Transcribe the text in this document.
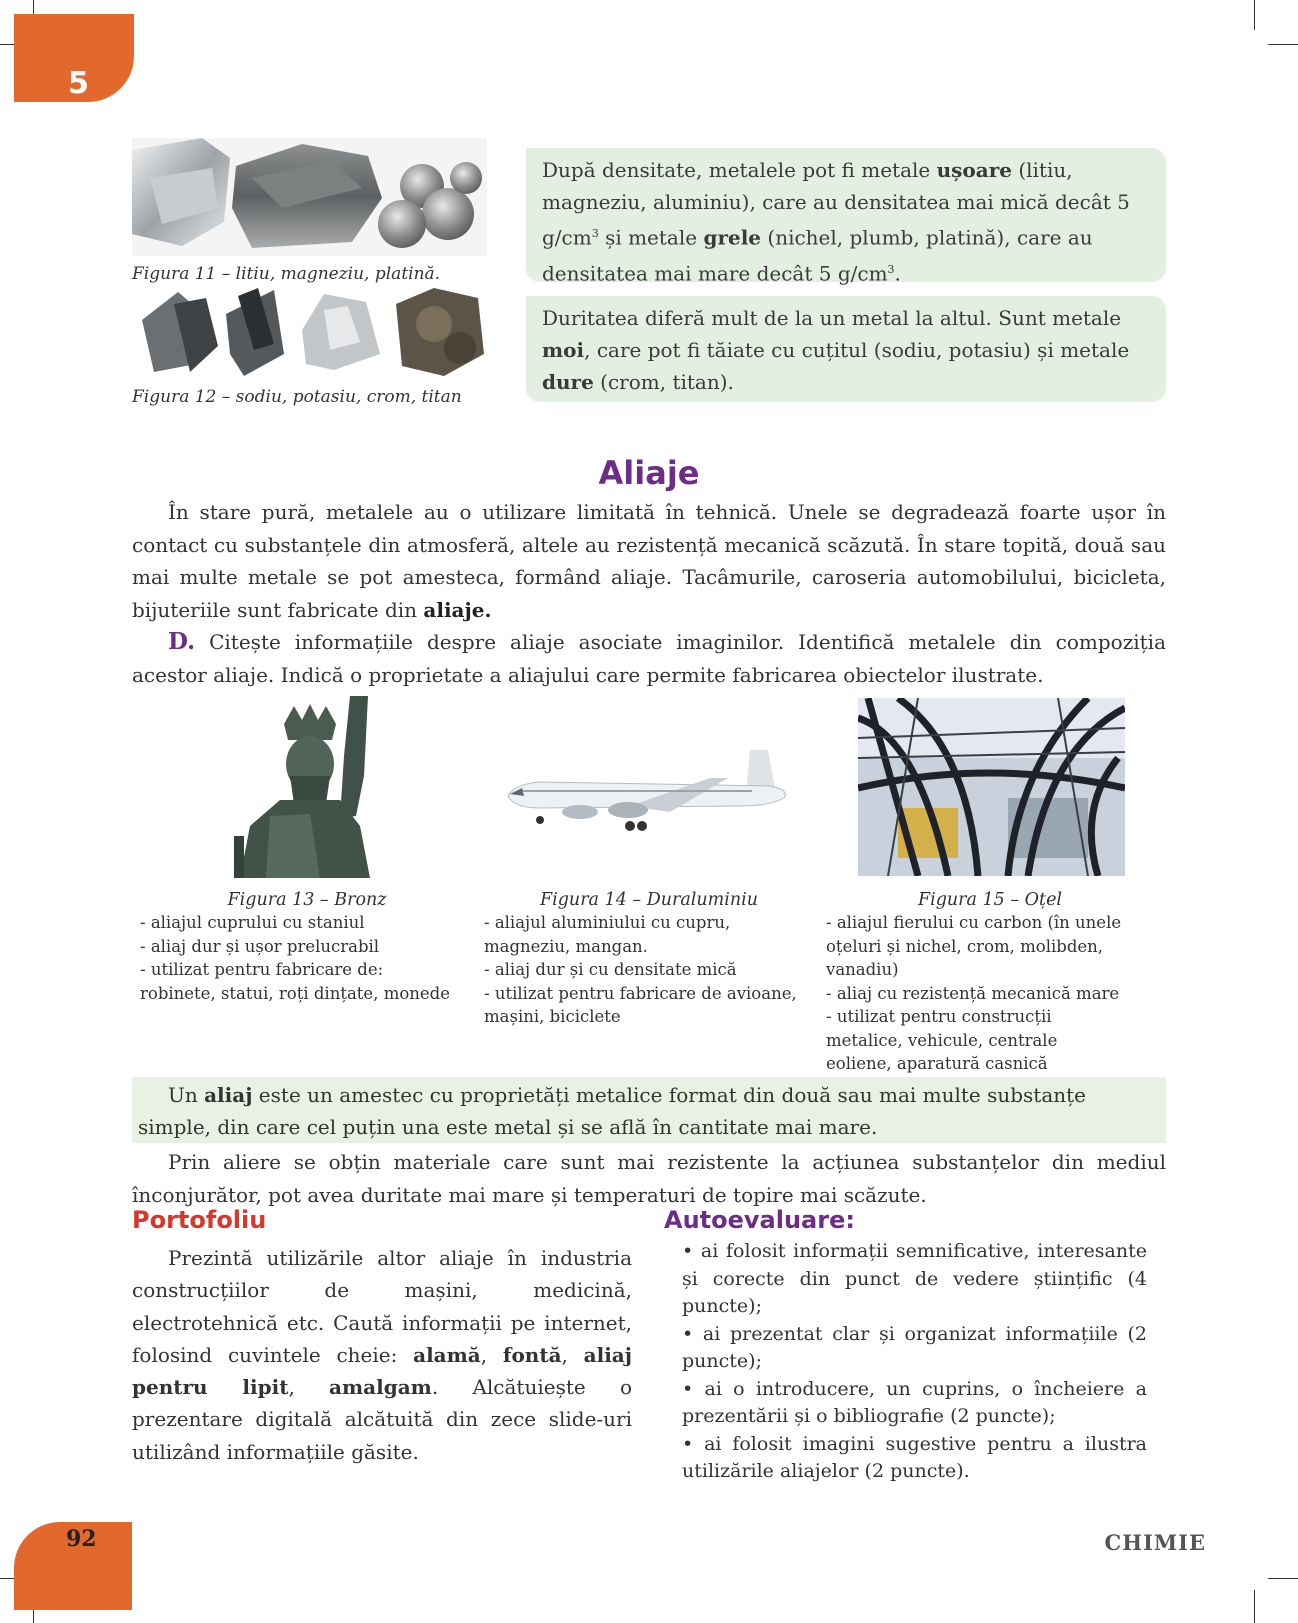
5
Figura 11 – litiu, magneziu, platină.
Figura 12 – sodiu, potasiu, crom, titan
După densitate, metalele pot fi metale ușoare (litiu, magneziu, aluminiu), care au densitatea mai mică decât 5 $g/cm^3$ și metale grele (nichel, plumb, platină), care au densitatea mai mare decât 5 $g/cm^3$.
Duritatea diferă mult de la un metal la altul. Sunt metale moi, care pot fi tăiate cu cuțitul (sodiu, potasiu) și metale dure (crom, titan).
Aliaje
În stare pură, metalele au o utilizare limitată în tehnică. Unele se degradează foarte ușor în contact cu substanțele din atmosferă, altele au rezistență mecanică scăzută. În stare topită, două sau mai multe metale se pot amesteca, formând aliaje. Tacâmurile, caroseria automobilului, bicicleta, bijuteriile sunt fabricate din aliaje.
D. Citește informațiile despre aliaje asociate imaginilor. Identifică metalele din compoziția acestor aliaje. Indică o proprietate a aliajului care permite fabricarea obiectelor ilustrate.
Figura 13 – Bronz
- aliajul cuprului cu staniul
- aliaj dur și ușor prelucrabil
- utilizat pentru fabricare de: robinete, statui, roți dințate, monede
Figura 14 – Duraluminiu
- aliajul aluminiului cu cupru, magneziu, mangan.
- aliaj dur și cu densitate mică
- utilizat pentru fabricare de avioane, mașini, biciclete
Figura 15 – Oțel
- aliajul fierului cu carbon (în unele oțeluri și nichel, crom, molibden, vanadiu)
- aliaj cu rezistență mecanică mare
- utilizat pentru construcții metalice, vehicule, centrale eoliene, aparatură casnică
Un aliaj este un amestec cu proprietăți metalice format din două sau mai multe substanțe simple, din care cel puțin una este metal și se află în cantitate mai mare.
Prin aliere se obțin materiale care sunt mai rezistente la acțiunea substanțelor din mediul înconjurător, pot avea duritate mai mare și temperaturi de topire mai scăzute.
Portofoliu
Prezintă utilizările altor aliaje în industria construcțiilor de mașini, medicină, electrotehnică etc. Caută informații pe internet, folosind cuvintele cheie: alamă, fontă, aliaj pentru lipit, amalgam. Alcătuiește o prezentare digitală alcătuită din zece slide-uri utilizând informațiile găsite.
Autoevaluare:
• ai folosit informații semnificative, interesante și corecte din punct de vedere științific (4 puncte);
• ai prezentat clar și organizat informațiile (2 puncte);
• ai o introducere, un cuprins, o încheiere a prezentării și o bibliografie (2 puncte);
• ai folosit imagini sugestive pentru a ilustra utilizările aliajelor (2 puncte).
92	CHIMIE
